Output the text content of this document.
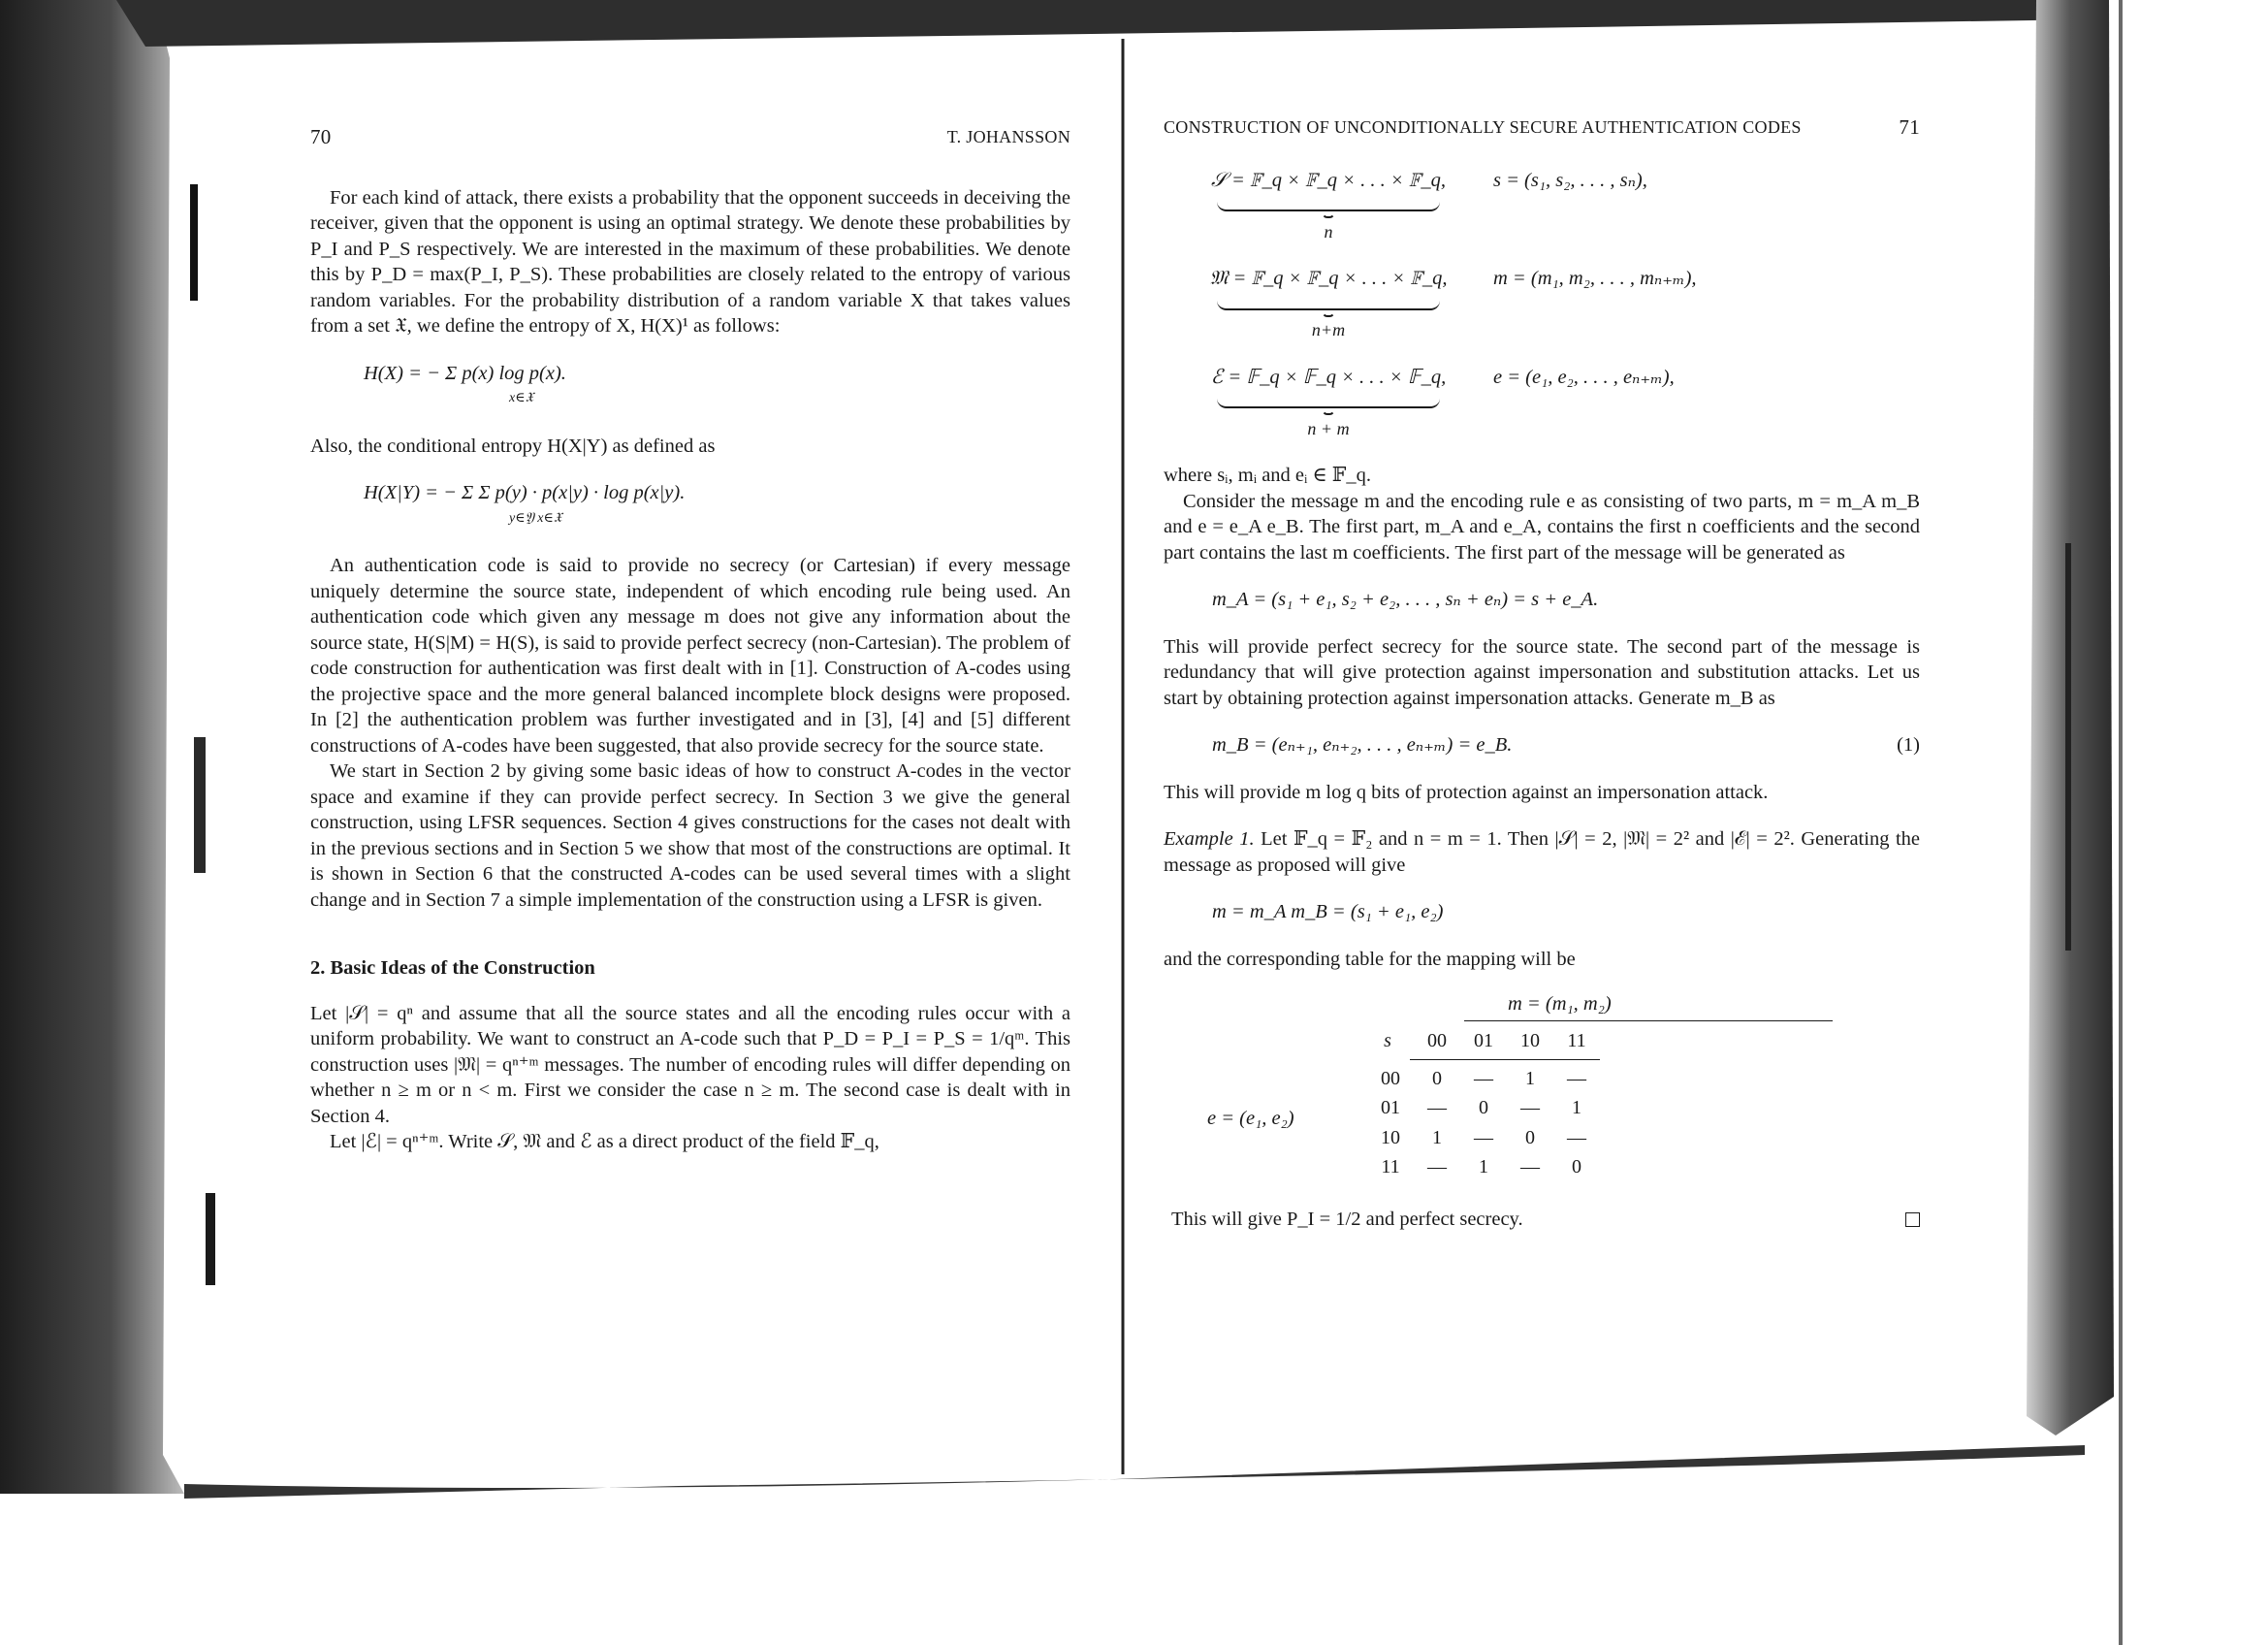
70	T. JOHANSSON

For each kind of attack, there exists a probability that the opponent succeeds in deceiving the receiver, given that the opponent is using an optimal strategy. We denote these probabilities by P_I and P_S respectively. We are interested in the maximum of these probabilities. We denote this by P_D = max(P_I, P_S). These probabilities are closely related to the entropy of various random variables. For the probability distribution of a random variable X that takes values from a set 𝔛, we define the entropy of X, H(X)¹ as follows:

H(X) = − Σ p(x) log p(x).
x∈𝔛

Also, the conditional entropy H(X|Y) as defined as

H(X|Y) = − Σ Σ p(y) · p(x|y) · log p(x|y).
y∈𝔜 x∈𝔛

An authentication code is said to provide no secrecy (or Cartesian) if every message uniquely determine the source state, independent of which encoding rule being used. An authentication code which given any message m does not give any information about the source state, H(S|M) = H(S), is said to provide perfect secrecy (non-Cartesian). The problem of code construction for authentication was first dealt with in [1]. Construction of A-codes using the projective space and the more general balanced incomplete block designs were proposed. In [2] the authentication problem was further investigated and in [3], [4] and [5] different constructions of A-codes have been suggested, that also provide secrecy for the source state.

We start in Section 2 by giving some basic ideas of how to construct A-codes in the vector space and examine if they can provide perfect secrecy. In Section 3 we give the general construction, using LFSR sequences. Section 4 gives constructions for the cases not dealt with in the previous sections and in Section 5 we show that most of the constructions are optimal. It is shown in Section 6 that the constructed A-codes can be used several times with a slight change and in Section 7 a simple implementation of the construction using a LFSR is given.

2. Basic Ideas of the Construction

Let |𝒮| = qⁿ and assume that all the source states and all the encoding rules occur with a uniform probability. We want to construct an A-code such that P_D = P_I = P_S = 1/qᵐ. This construction uses |𝔐| = qⁿ⁺ᵐ messages. The number of encoding rules will differ depending on whether n ≥ m or n < m. First we consider the case n ≥ m. The second case is dealt with in Section 4.

Let |ℰ| = qⁿ⁺ᵐ. Write 𝒮, 𝔐 and ℰ as a direct product of the field 𝔽_q,

CONSTRUCTION OF UNCONDITIONALLY SECURE AUTHENTICATION CODES	71
𝒮 = 𝔽_q × 𝔽_q × . . . × 𝔽_q,

n
s = (s₁, s₂, . . . , sₙ),
𝔐 = 𝔽_q × 𝔽_q × . . . × 𝔽_q,

n+m
m = (m₁, m₂, . . . , mₙ₊ₘ),
ℰ = 𝔽_q × 𝔽_q × . . . × 𝔽_q,

n + m
e = (e₁, e₂, . . . , eₙ₊ₘ),

where sᵢ, mᵢ and eᵢ ∈ 𝔽_q.

Consider the message m and the encoding rule e as consisting of two parts, m = m_A m_B and e = e_A e_B. The first part, m_A and e_A, contains the first n coefficients and the second part contains the last m coefficients. The first part of the message will be generated as

m_A = (s₁ + e₁, s₂ + e₂, . . . , sₙ + eₙ) = s + e_A.

This will provide perfect secrecy for the source state. The second part of the message is redundancy that will give protection against impersonation and substitution attacks. Let us start by obtaining protection against impersonation attacks. Generate m_B as

m_B = (eₙ₊₁, eₙ₊₂, . . . , eₙ₊ₘ) = e_B.	(1)

This will provide m log q bits of protection against an impersonation attack.

Example 1. Let 𝔽_q = 𝔽₂ and n = m = 1. Then |𝒮| = 2, |𝔐| = 2² and |ℰ| = 2². Generating the message as proposed will give

m = m_A m_B = (s₁ + e₁, e₂)

and the corresponding table for the mapping will be

e = (e₁, e₂)
m = (m₁, m₂)
s	00	01	10	11

00	0	—	1	—
01	—	0	—	1
10	1	—	0	—
11	—	1	—	0
This will give P_I = 1/2 and perfect secrecy.
